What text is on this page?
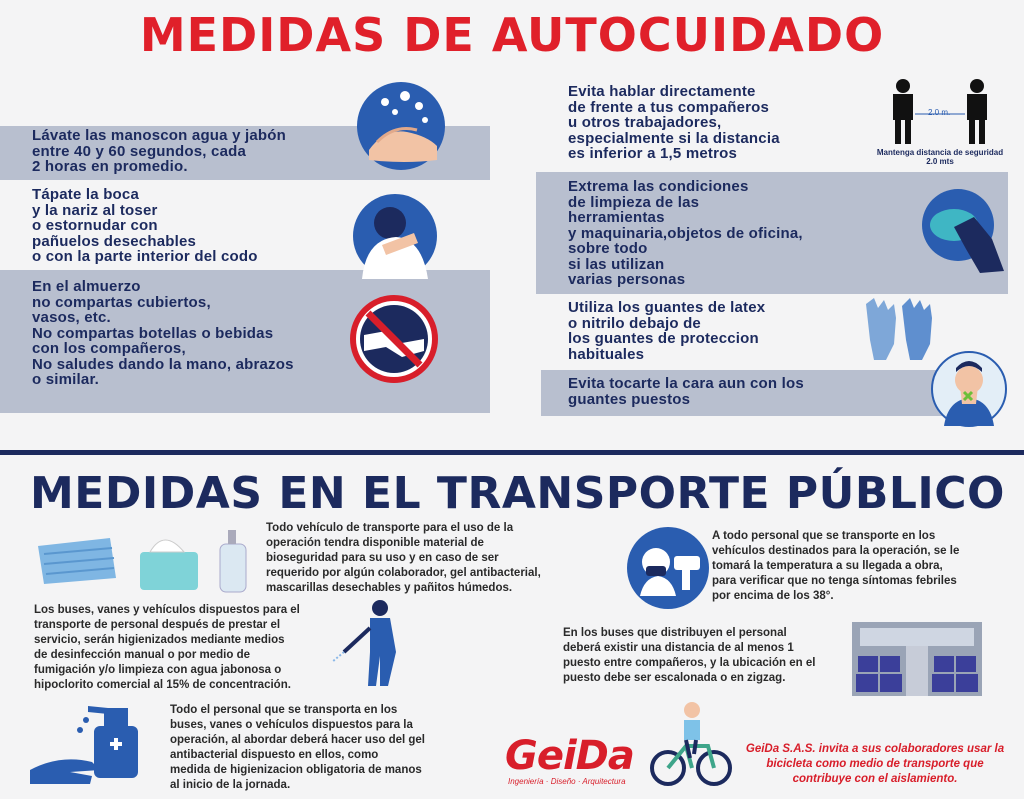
MEDIDAS DE AUTOCUIDADO
Lávate las manoscon agua y jabón
entre 40 y 60 segundos, cada
2 horas en promedio.
Tápate la boca
y la nariz al toser
o estornudar con
pañuelos desechables
o con la parte interior del codo
En el almuerzo
no compartas cubiertos,
vasos, etc.
No compartas botellas o bebidas
con los compañeros,
No saludes dando la mano, abrazos
o similar.
Evita hablar directamente
de frente a tus compañeros
u otros trabajadores,
especialmente si la distancia
es inferior a 1,5 metros
Extrema las condiciones
de limpieza de las
herramientas
y maquinaria,objetos de oficina,
sobre todo
si las utilizan
varias personas
Utiliza los guantes de latex
o nitrilo debajo de
los guantes de proteccion
habituales
Evita tocarte la cara aun con los
guantes puestos
2.0 m.
Mantenga distancia de seguridad
2.0 mts
MEDIDAS EN EL TRANSPORTE PÚBLICO
Todo vehículo de transporte para el uso de la
operación tendra disponible material de
bioseguridad para su uso y en caso de ser
requerido por algún colaborador, gel antibacterial,
mascarillas desechables y pañitos húmedos.
Los buses, vanes y vehículos dispuestos para el
transporte de personal después de prestar el
servicio, serán higienizados mediante medios
de desinfección manual o por medio de
fumigación y/o limpieza con agua jabonosa o
hipoclorito comercial al 15% de concentración.
Todo el personal que se transporta en los
buses, vanes o vehículos dispuestos para la
operación, al abordar deberá hacer uso del gel
antibacterial dispuesto en ellos, como
medida de higienizacion obligatoria de manos
al inicio de la jornada.
A todo personal que se transporte en los
vehículos destinados para la operación, se le
tomará la temperatura a su llegada a obra,
para verificar que no tenga síntomas febriles
por encima de los 38°.
En los buses que distribuyen el personal
deberá existir una distancia de al menos 1
puesto entre compañeros, y la ubicación en el
puesto debe ser escalonada o en zigzag.
GeiDa
Ingeniería · Diseño · Arquitectura
GeiDa S.A.S. invita a sus colaboradores usar la
bicicleta como medio de transporte que
contribuye con el aislamiento.
